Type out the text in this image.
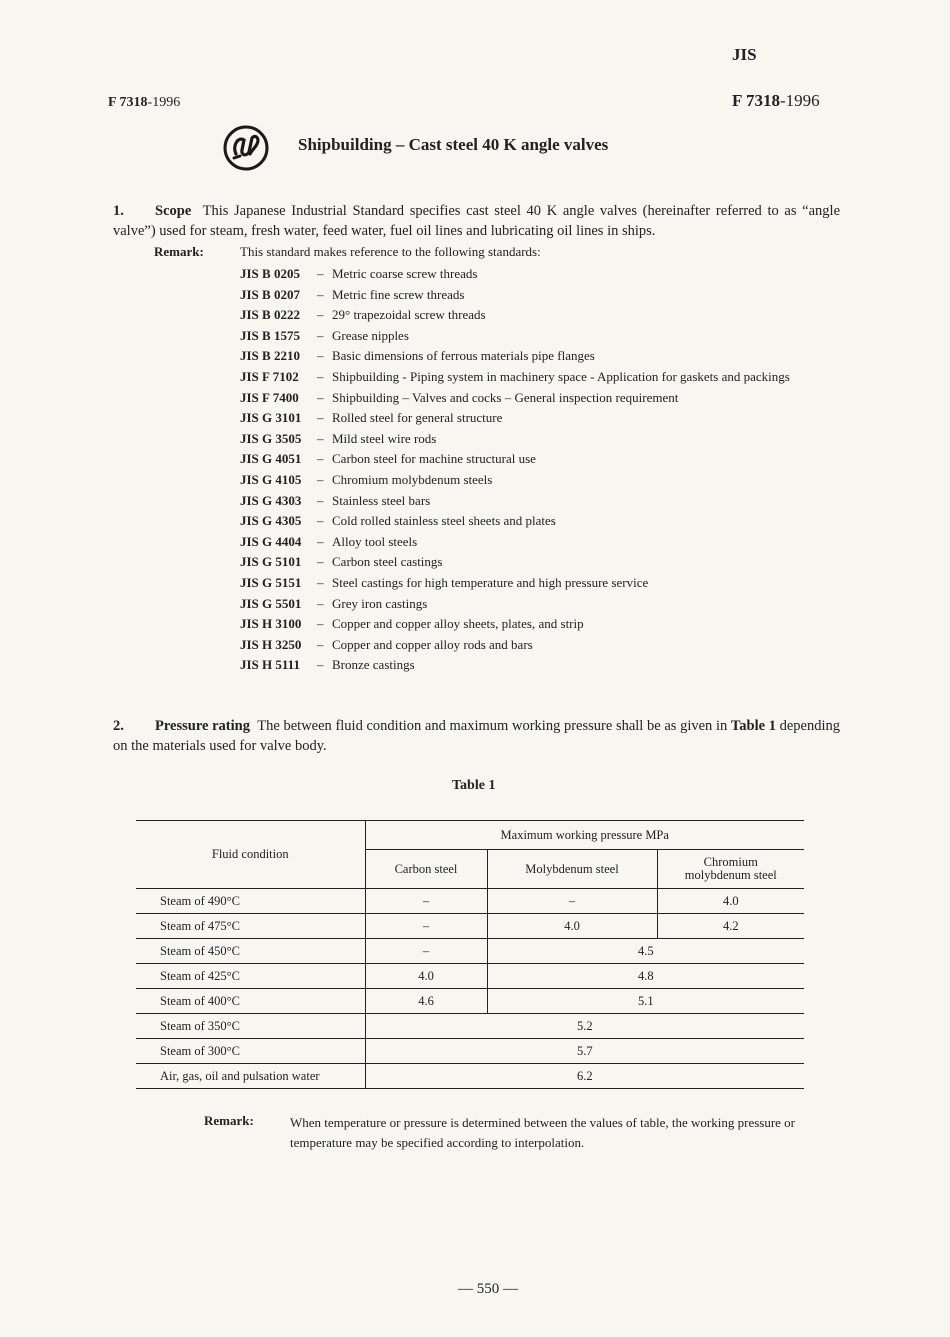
JIS
F 7318-1996	F 7318-1996
Shipbuilding – Cast steel 40 K angle valves
1. Scope This Japanese Industrial Standard specifies cast steel 40 K angle valves (hereinafter referred to as “angle valve”) used for steam, fresh water, feed water, fuel oil lines and lubricating oil lines in ships.
Remark:	This standard makes reference to the following standards:
JIS B 0205	– Metric coarse screw threads
JIS B 0207	– Metric fine screw threads
JIS B 0222	– 29° trapezoidal screw threads
JIS B 1575	– Grease nipples
JIS B 2210	– Basic dimensions of ferrous materials pipe flanges
JIS F 7102	– Shipbuilding - Piping system in machinery space - Application for gaskets and packings
JIS F 7400	– Shipbuilding – Valves and cocks – General inspection requirement
JIS G 3101	– Rolled steel for general structure
JIS G 3505	– Mild steel wire rods
JIS G 4051	– Carbon steel for machine structural use
JIS G 4105	– Chromium molybdenum steels
JIS G 4303	– Stainless steel bars
JIS G 4305	– Cold rolled stainless steel sheets and plates
JIS G 4404	– Alloy tool steels
JIS G 5101	– Carbon steel castings
JIS G 5151	– Steel castings for high temperature and high pressure service
JIS G 5501	– Grey iron castings
JIS H 3100	– Copper and copper alloy sheets, plates, and strip
JIS H 3250	– Copper and copper alloy rods and bars
JIS H 5111	– Bronze castings
2. Pressure rating The between fluid condition and maximum working pressure shall be as given in Table 1 depending on the materials used for valve body.
Table 1
Fluid condition	Maximum working pressure MPa		
	Carbon steel	Molybdenum steel	Chromium
molybdenum steel
Steam of 490°C	–	–	4.0
Steam of 475°C	–	4.0	4.2
Steam of 450°C	–	4.5	
Steam of 425°C	4.0	4.8	
Steam of 400°C	4.6	5.1	
Steam of 350°C	5.2		
Steam of 300°C	5.7		
Air, gas, oil and pulsation water	6.2		
Remark:	When temperature or pressure is determined between the values of table, the working pressure or temperature may be specified according to interpolation.
— 550 —
